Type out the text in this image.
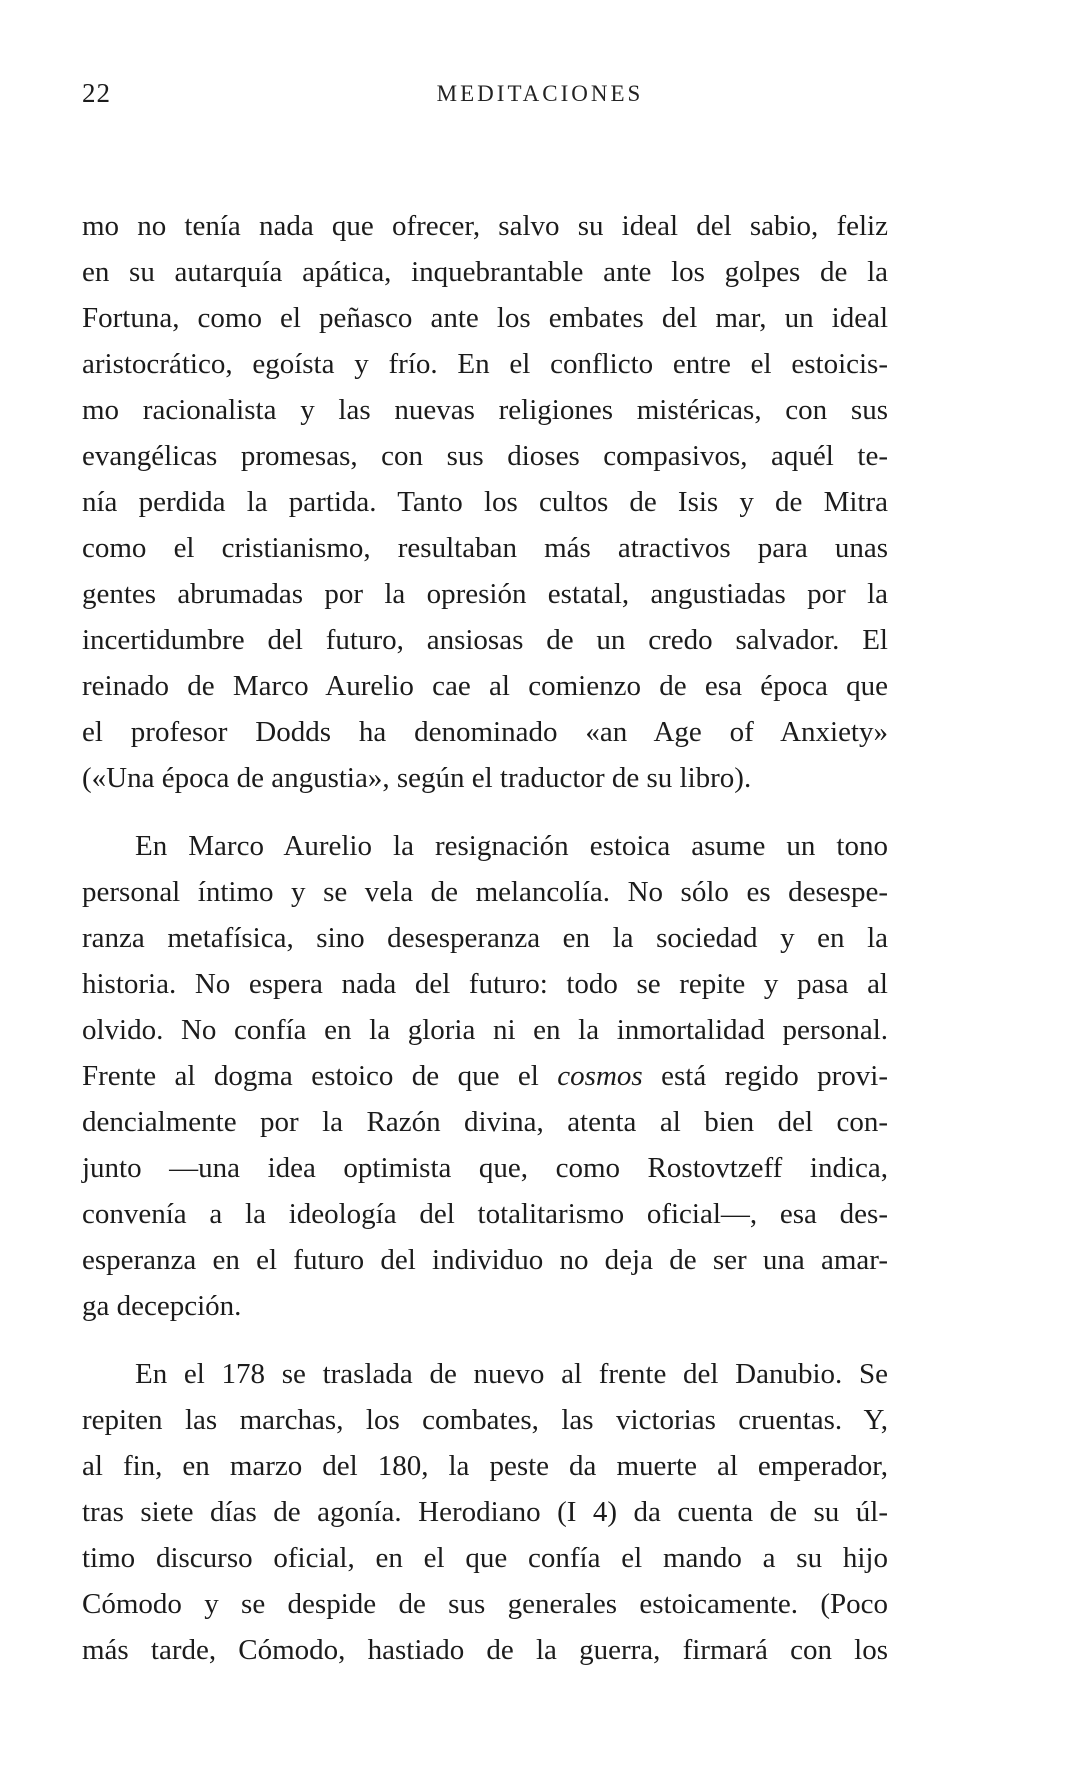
22	MEDITACIONES
mo no tenía nada que ofrecer, salvo su ideal del sabio, feliz
en su autarquía apática, inquebrantable ante los golpes de la
Fortuna, como el peñasco ante los embates del mar, un ideal
aristocrático, egoísta y frío. En el conflicto entre el estoicis-
mo racionalista y las nuevas religiones mistéricas, con sus
evangélicas promesas, con sus dioses compasivos, aquél te-
nía perdida la partida. Tanto los cultos de Isis y de Mitra
como el cristianismo, resultaban más atractivos para unas
gentes abrumadas por la opresión estatal, angustiadas por la
incertidumbre del futuro, ansiosas de un credo salvador. El
reinado de Marco Aurelio cae al comienzo de esa época que
el profesor Dodds ha denominado «an Age of Anxiety»
(«Una época de angustia», según el traductor de su libro).
En Marco Aurelio la resignación estoica asume un tono
personal íntimo y se vela de melancolía. No sólo es desespe-
ranza metafísica, sino desesperanza en la sociedad y en la
historia. No espera nada del futuro: todo se repite y pasa al
olvido. No confía en la gloria ni en la inmortalidad personal.
Frente al dogma estoico de que el cosmos está regido provi-
dencialmente por la Razón divina, atenta al bien del con-
junto —una idea optimista que, como Rostovtzeff indica,
convenía a la ideología del totalitarismo oficial—, esa des-
esperanza en el futuro del individuo no deja de ser una amar-
ga decepción.
En el 178 se traslada de nuevo al frente del Danubio. Se
repiten las marchas, los combates, las victorias cruentas. Y,
al fin, en marzo del 180, la peste da muerte al emperador,
tras siete días de agonía. Herodiano (I 4) da cuenta de su úl-
timo discurso oficial, en el que confía el mando a su hijo
Cómodo y se despide de sus generales estoicamente. (Poco
más tarde, Cómodo, hastiado de la guerra, firmará con los
